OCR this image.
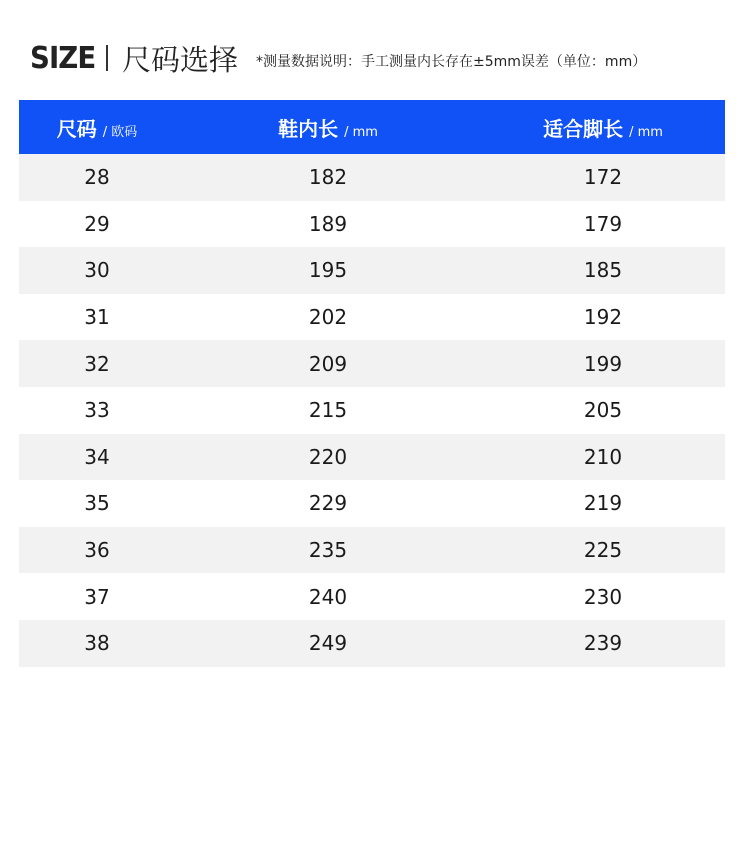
SIZE 尺码选择 *测量数据说明：手工测量内长存在±5mm误差（单位：mm）
尺码 / 欧码	鞋内长 / mm	适合脚长 / mm
28	182	172
29	189	179
30	195	185
31	202	192
32	209	199
33	215	205
34	220	210
35	229	219
36	235	225
37	240	230
38	249	239
